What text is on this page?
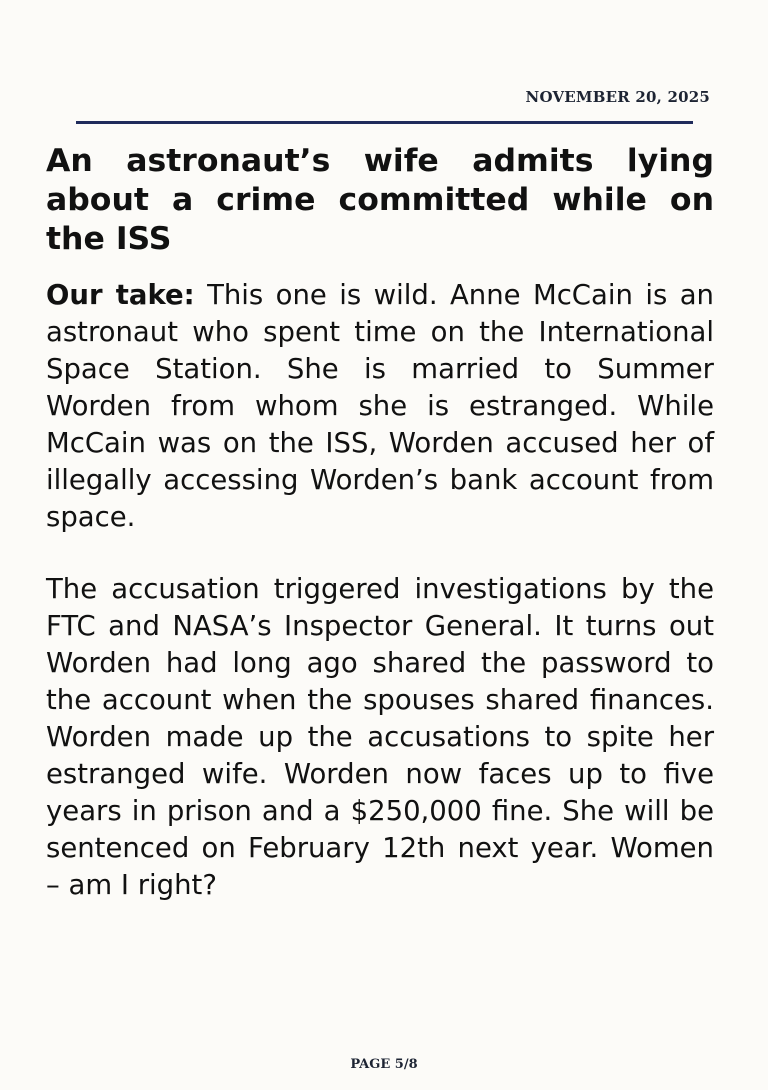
NOVEMBER 20, 2025
An astronaut’s wife admits lying about a crime committed while on the ISS

Our take: This one is wild. Anne McCain is an astronaut who spent time on the International Space Station. She is married to Summer Worden from whom she is estranged. While McCain was on the ISS, Worden accused her of illegally accessing Worden’s bank account from space.

The accusation triggered investigations by the FTC and NASA’s Inspector General. It turns out Worden had long ago shared the password to the account when the spouses shared finances. Worden made up the accusations to spite her estranged wife. Worden now faces up to five years in prison and a $250,000 fine. She will be sentenced on February 12th next year. Women – am I right?

PAGE 5/8
